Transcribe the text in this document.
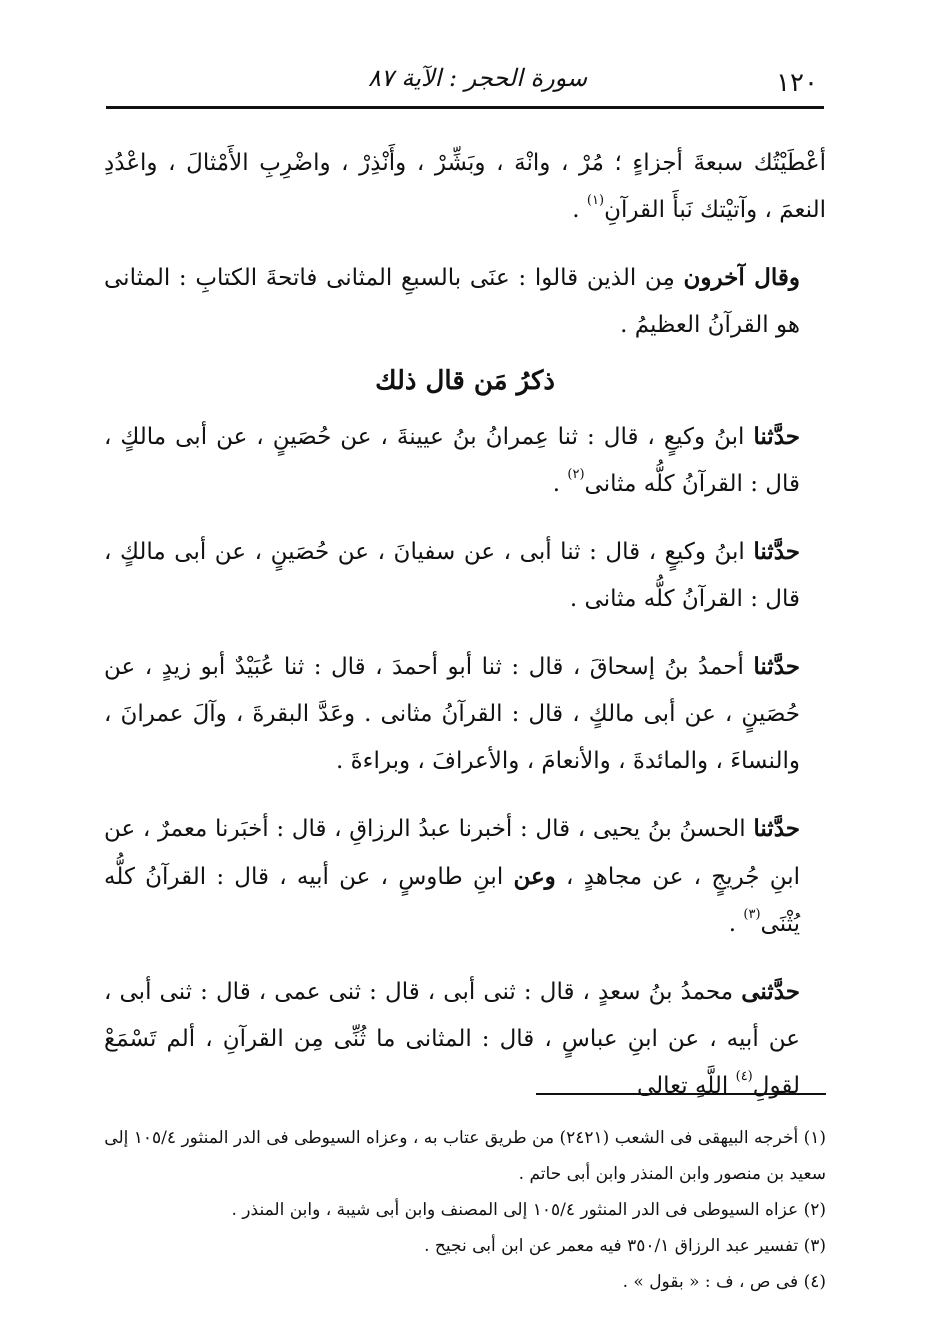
١٢٠
سورة الحجر : الآية ٨٧

أعْطَيْتُك سبعةَ أجزاءٍ ؛ مُرْ ، وانْهَ ، وبَشِّرْ ، وأَنْذِرْ ، واضْرِبِ الأَمْثالَ ، واعْدُدِ النعمَ ، وآتيْتك نَبأَ القرآنِ$^{(١)}$ .

وقال آخرون مِن الذين قالوا : عنَى بالسبعِ المثانى فاتحةَ الكتابِ : المثانى هو القرآنُ العظيمُ .

ذكرُ مَن قال ذلك

حدَّثنا ابنُ وكيعٍ ، قال : ثنا عِمرانُ بنُ عيينةَ ، عن حُصَينٍ ، عن أبى مالكٍ ، قال : القرآنُ كلُّه مثانى$^{(٢)}$ .

حدَّثنا ابنُ وكيعٍ ، قال : ثنا أبى ، عن سفيانَ ، عن حُصَينٍ ، عن أبى مالكٍ ، قال : القرآنُ كلُّه مثانى .

حدَّثنا أحمدُ بنُ إسحاقَ ، قال : ثنا أبو أحمدَ ، قال : ثنا عُبَيْدٌ أبو زيدٍ ، عن حُصَينٍ ، عن أبى مالكٍ ، قال : القرآنُ مثانى . وعَدَّ البقرةَ ، وآلَ عمرانَ ، والنساءَ ، والمائدةَ ، والأنعامَ ، والأعرافَ ، وبراءةَ .

حدَّثنا الحسنُ بنُ يحيى ، قال : أخبرنا عبدُ الرزاقِ ، قال : أخبَرنا معمرٌ ، عن ابنِ جُريجٍ ، عن مجاهدٍ ، وعن ابنِ طاوسٍ ، عن أبيه ، قال : القرآنُ كلُّه يُثْنَى$^{(٣)}$ .

حدَّثنى محمدُ بنُ سعدٍ ، قال : ثنى أبى ، قال : ثنى عمى ، قال : ثنى أبى ، عن أبيه ، عن ابنِ عباسٍ ، قال : المثانى ما ثُنِّى مِن القرآنِ ، ألم تَسْمَعْ لقولِ$^{(٤)}$ اللَّهِ تعالى

(١) أخرجه البيهقى فى الشعب (٢٤٢١) من طريق عتاب به ، وعزاه السيوطى فى الدر المنثور ١٠٥/٤ إلى سعيد بن منصور وابن المنذر وابن أبى حاتم .

(٢) عزاه السيوطى فى الدر المنثور ١٠٥/٤ إلى المصنف وابن أبى شيبة ، وابن المنذر .

(٣) تفسير عبد الرزاق ٣٥٠/١ فيه معمر عن ابن أبى نجيح .

(٤) فى ص ، ف : « بقول » .
